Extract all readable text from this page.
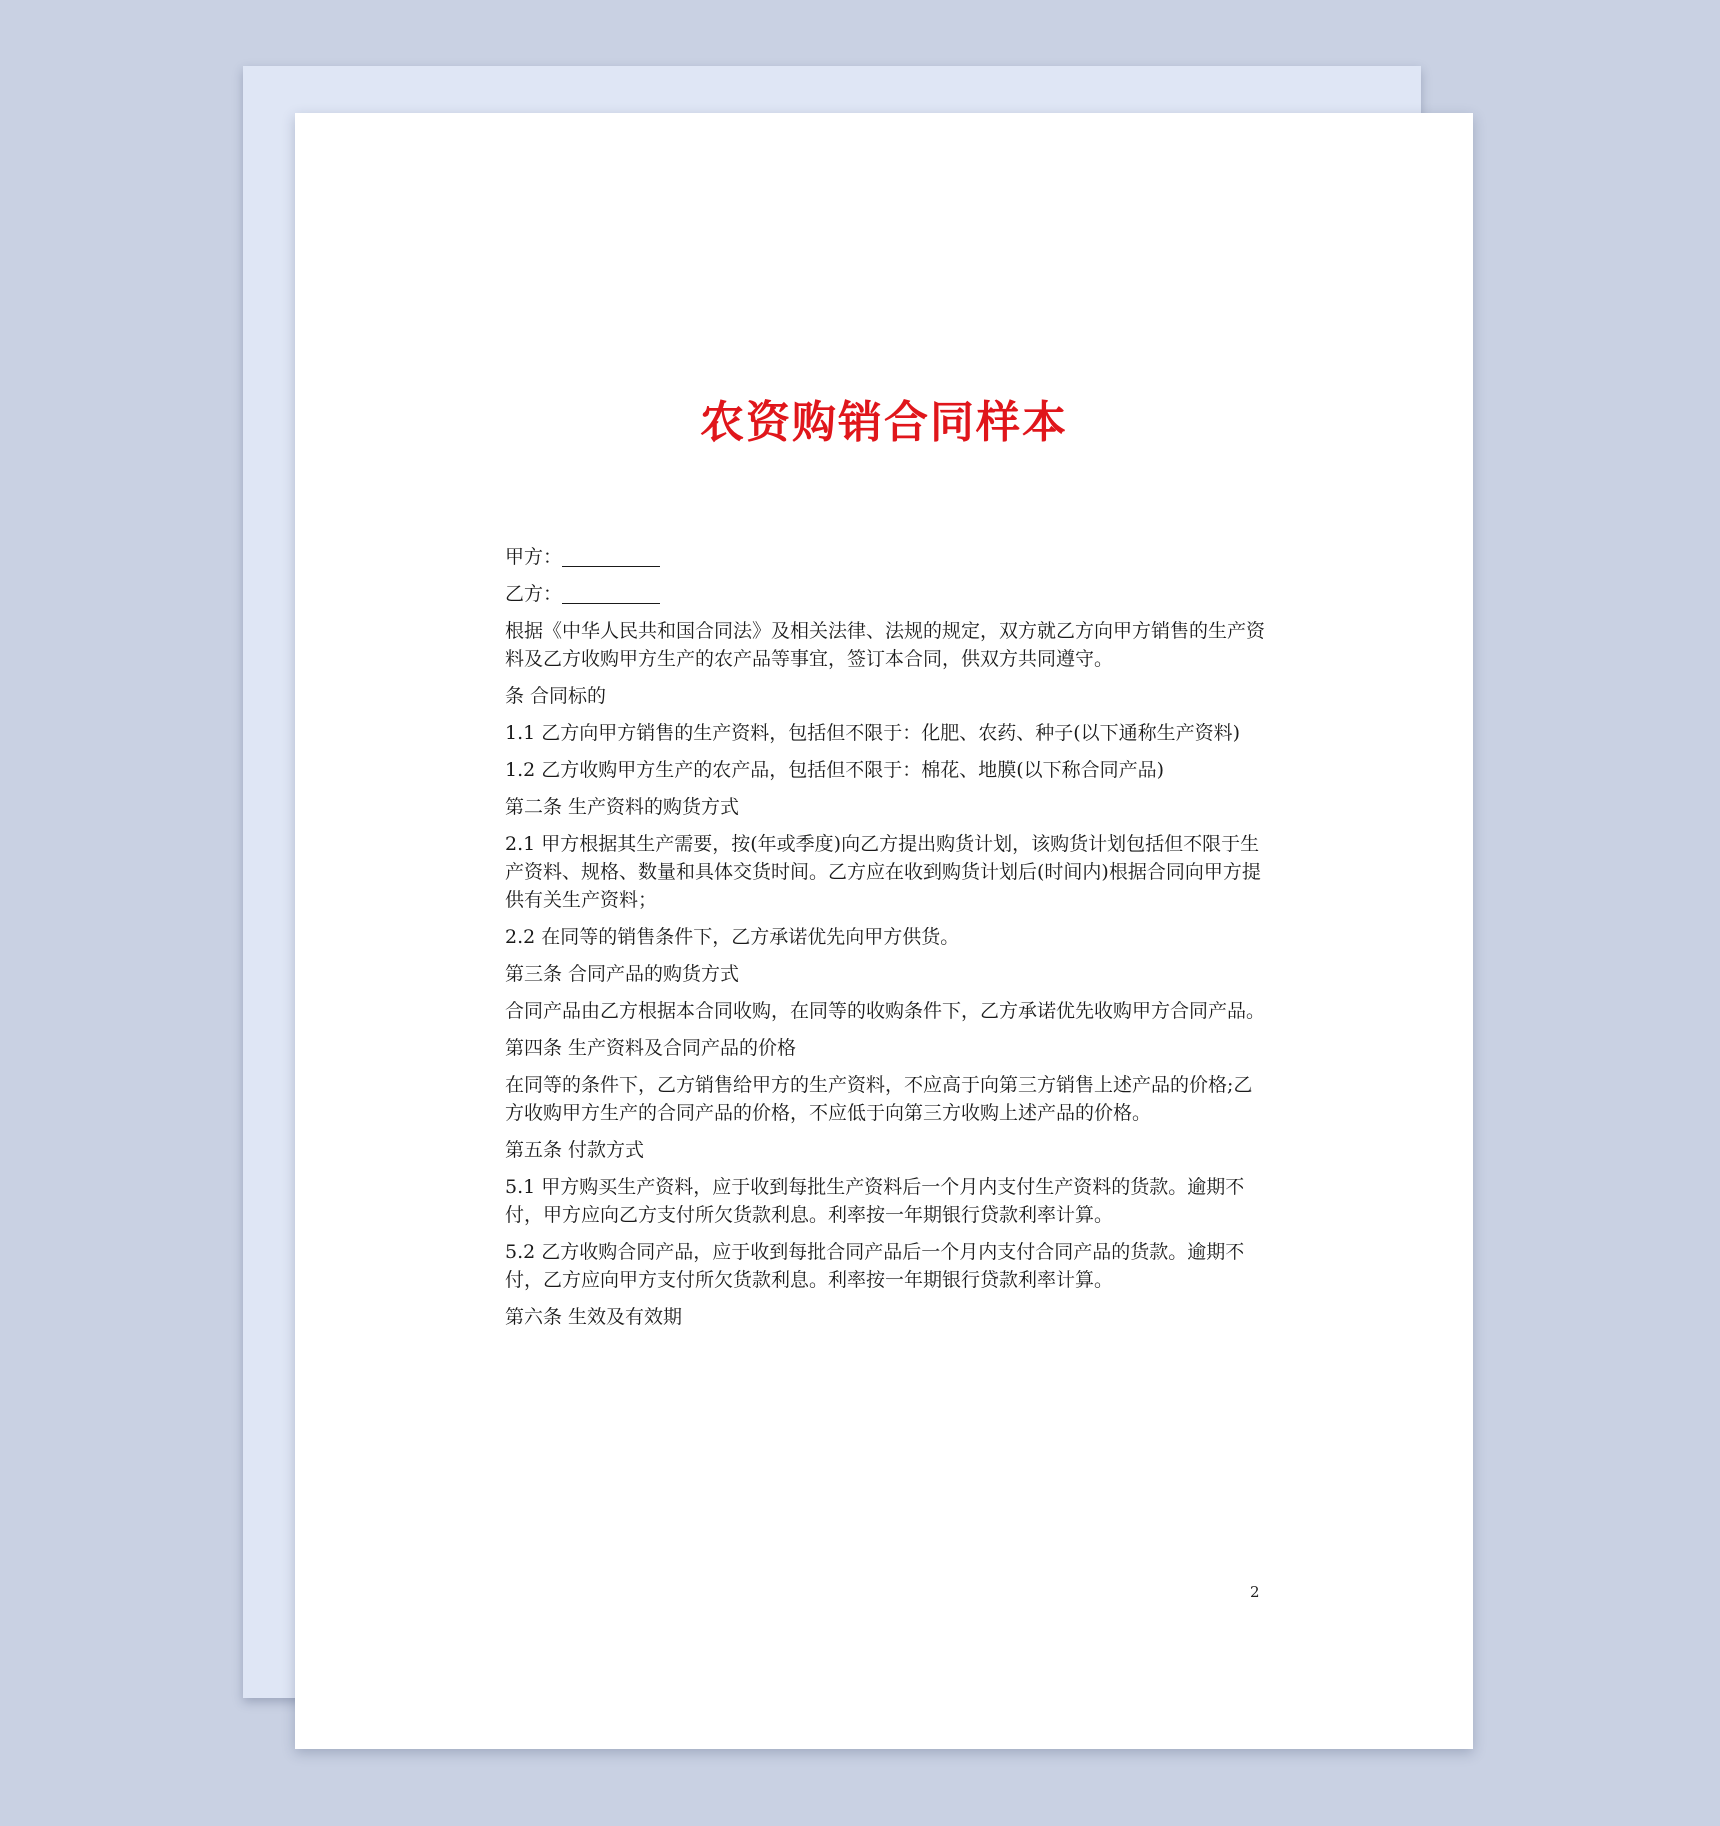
农资购销合同样本
甲方：
乙方：

根据《中华人民共和国合同法》及相关法律、法规的规定，双方就乙方向甲方销售的生产资料及乙方收购甲方生产的农产品等事宜，签订本合同，供双方共同遵守。

条 合同标的

1.1 乙方向甲方销售的生产资料，包括但不限于：化肥、农药、种子(以下通称生产资料)

1.2 乙方收购甲方生产的农产品，包括但不限于：棉花、地膜(以下称合同产品)

第二条 生产资料的购货方式

2.1 甲方根据其生产需要，按(年或季度)向乙方提出购货计划，该购货计划包括但不限于生产资料、规格、数量和具体交货时间。乙方应在收到购货计划后(时间内)根据合同向甲方提供有关生产资料；

2.2 在同等的销售条件下，乙方承诺优先向甲方供货。

第三条 合同产品的购货方式

合同产品由乙方根据本合同收购，在同等的收购条件下，乙方承诺优先收购甲方合同产品。

第四条 生产资料及合同产品的价格

在同等的条件下，乙方销售给甲方的生产资料，不应高于向第三方销售上述产品的价格;乙方收购甲方生产的合同产品的价格，不应低于向第三方收购上述产品的价格。

第五条 付款方式

5.1 甲方购买生产资料，应于收到每批生产资料后一个月内支付生产资料的货款。逾期不付，甲方应向乙方支付所欠货款利息。利率按一年期银行贷款利率计算。

5.2 乙方收购合同产品，应于收到每批合同产品后一个月内支付合同产品的货款。逾期不付，乙方应向甲方支付所欠货款利息。利率按一年期银行贷款利率计算。

第六条 生效及有效期

2
